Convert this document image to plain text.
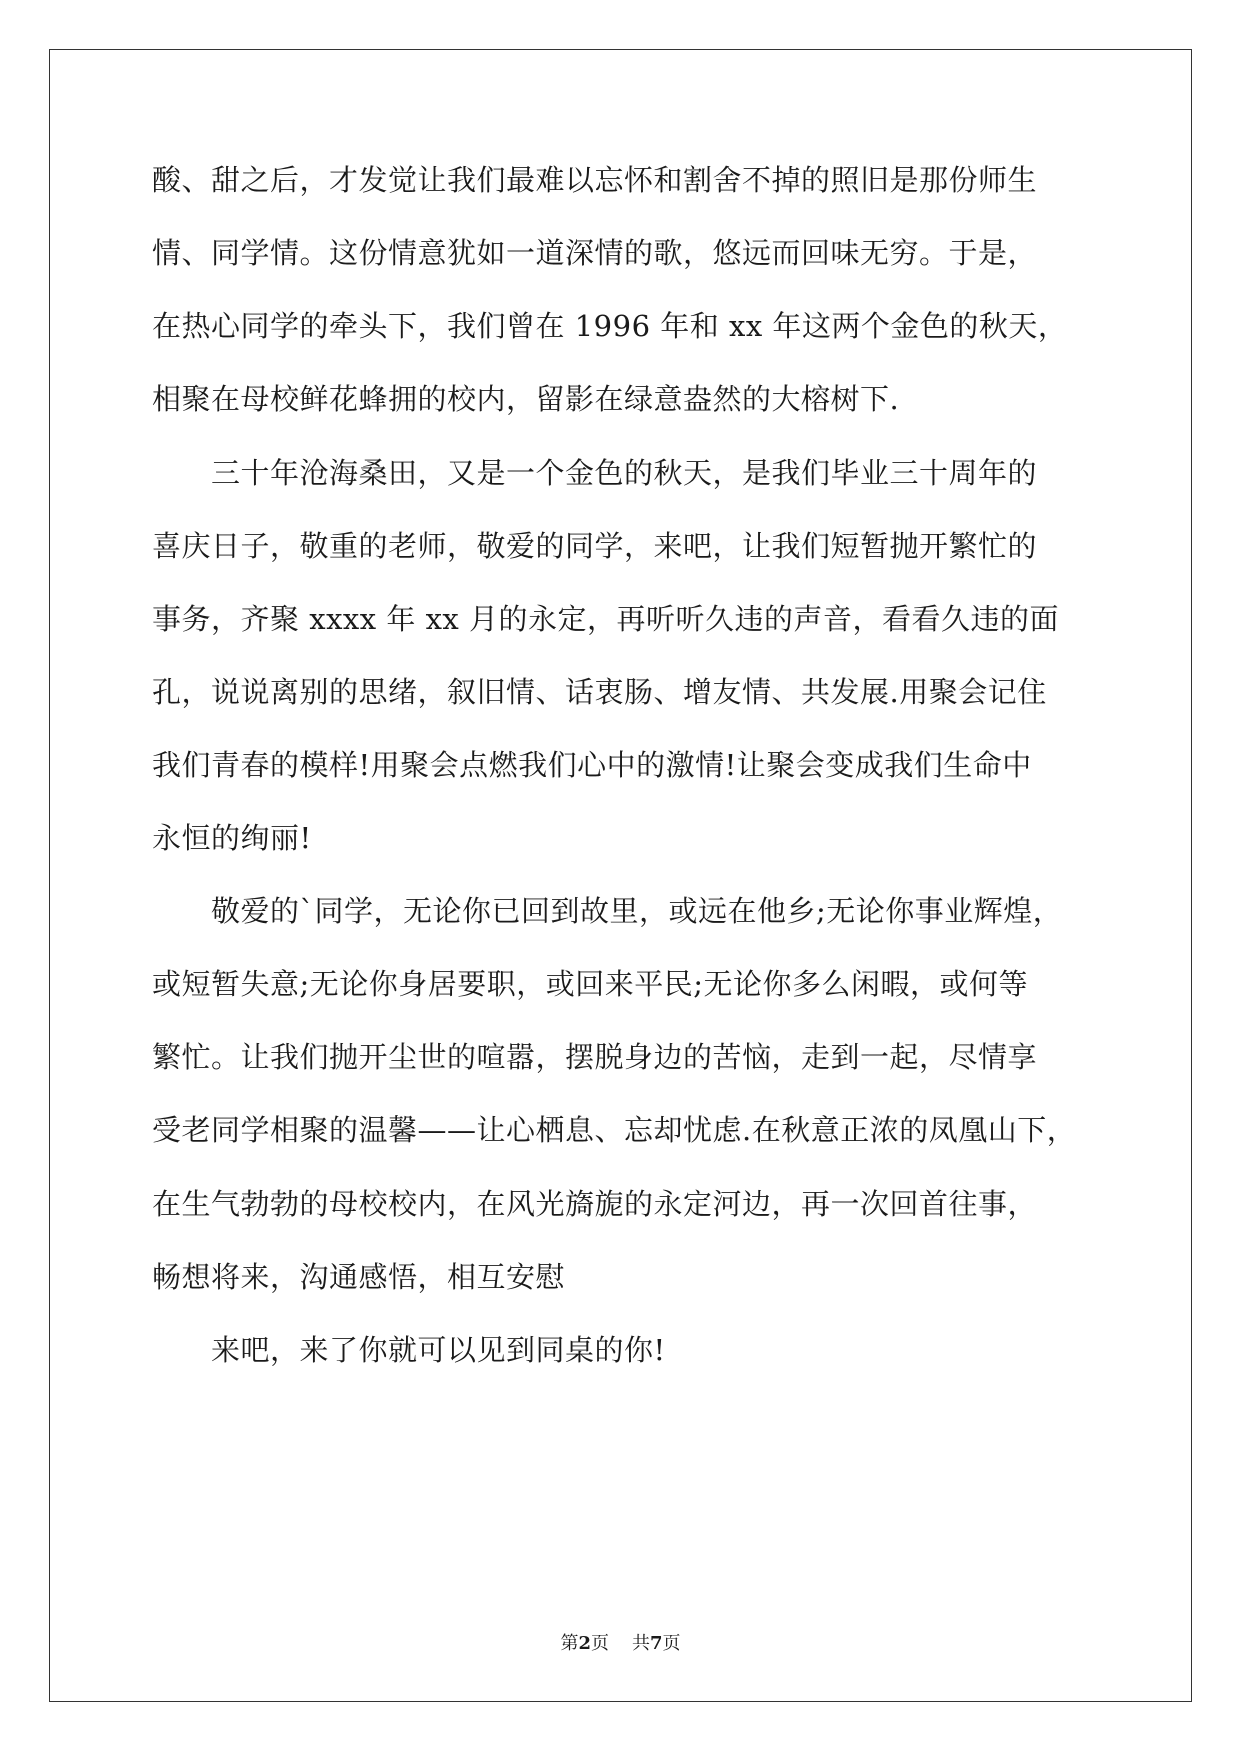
酸、甜之后，才发觉让我们最难以忘怀和割舍不掉的照旧是那份师生
情、同学情。这份情意犹如一道深情的歌，悠远而回味无穷。于是，
在热心同学的牵头下，我们曾在 1996 年和 xx 年这两个金色的秋天，
相聚在母校鲜花蜂拥的校内，留影在绿意盎然的大榕树下.
　　三十年沧海桑田，又是一个金色的秋天，是我们毕业三十周年的
喜庆日子，敬重的老师，敬爱的同学，来吧，让我们短暂抛开繁忙的
事务，齐聚 xxxx 年 xx 月的永定，再听听久违的声音，看看久违的面
孔，说说离别的思绪，叙旧情、话衷肠、增友情、共发展.用聚会记住
我们青春的模样!用聚会点燃我们心中的激情!让聚会变成我们生命中
永恒的绚丽!
　　敬爱的`同学，无论你已回到故里，或远在他乡;无论你事业辉煌，
或短暂失意;无论你身居要职，或回来平民;无论你多么闲暇，或何等
繁忙。让我们抛开尘世的喧嚣，摆脱身边的苦恼，走到一起，尽情享
受老同学相聚的温馨——让心栖息、忘却忧虑.在秋意正浓的凤凰山下，
在生气勃勃的母校校内，在风光旖旎的永定河边，再一次回首往事，
畅想将来，沟通感悟，相互安慰
　　来吧，来了你就可以见到同桌的你!
第2页 共7页
